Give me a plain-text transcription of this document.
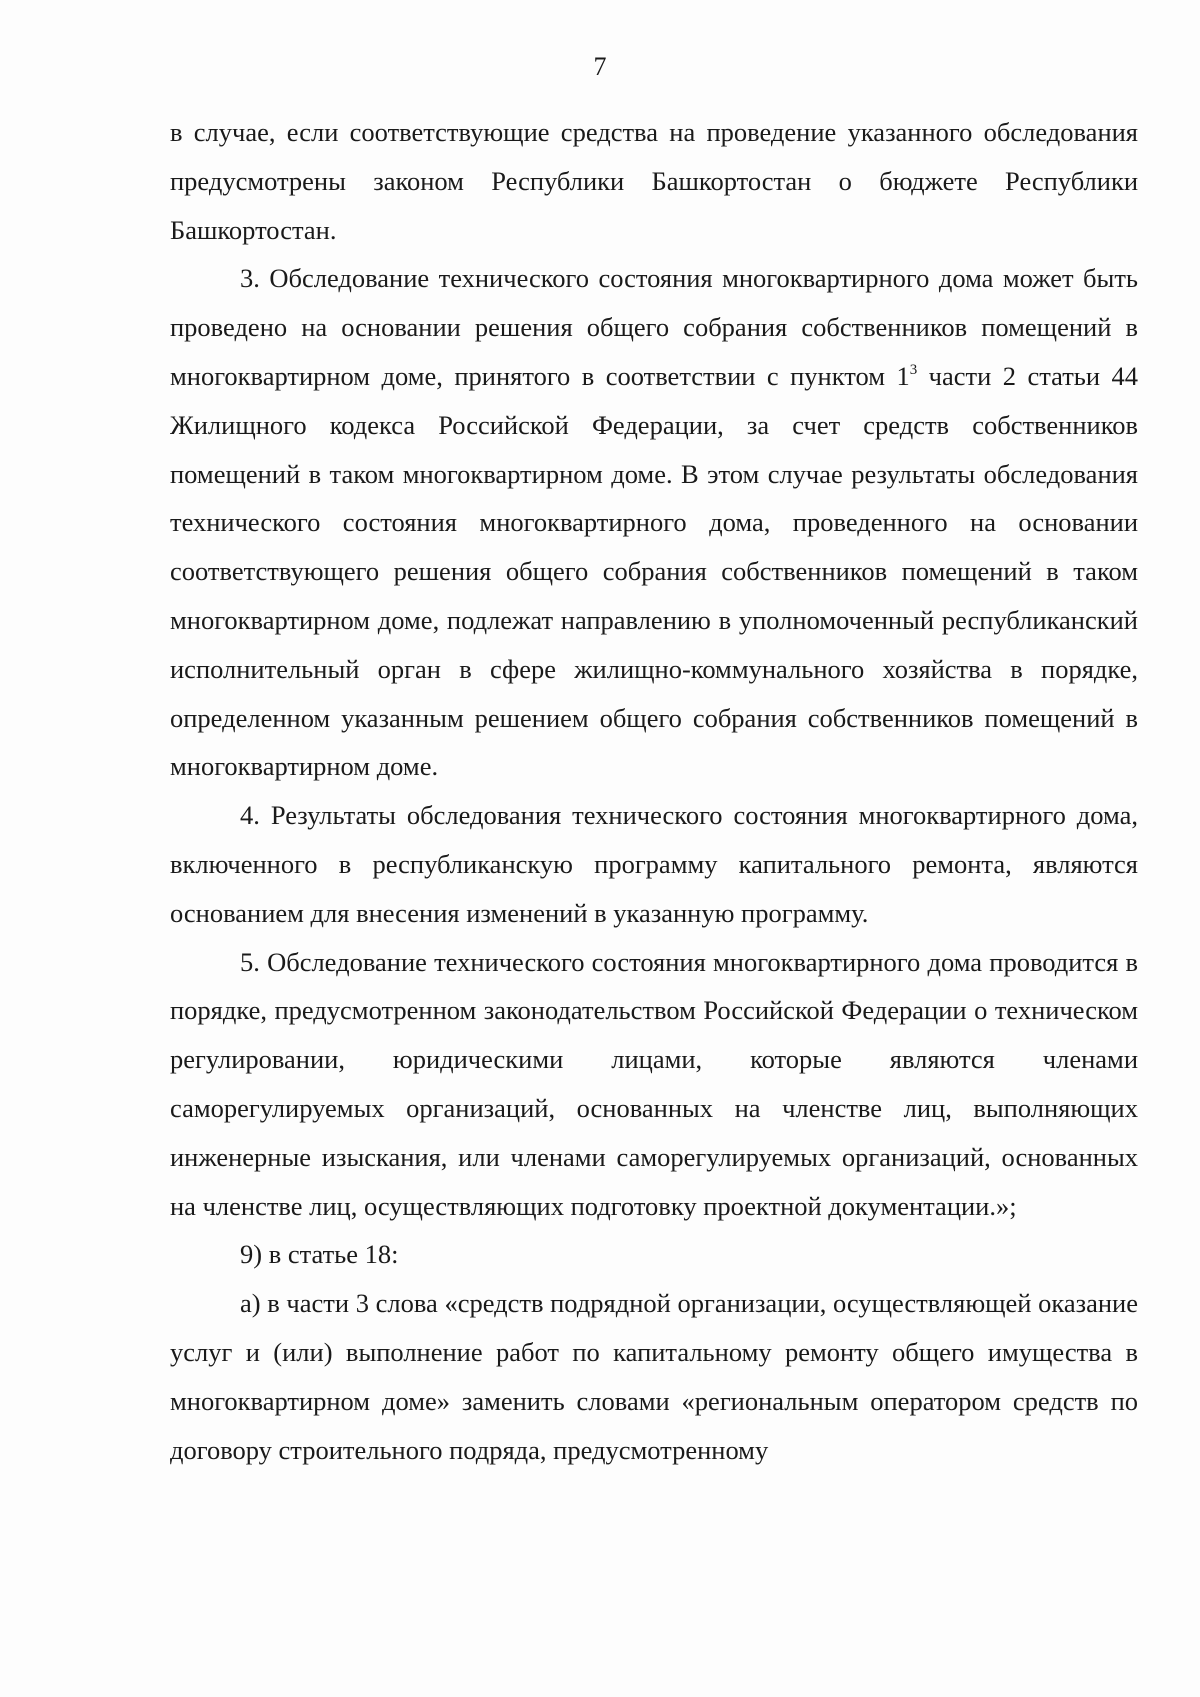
7

в случае, если соответствующие средства на проведение указанного обследования предусмотрены законом Республики Башкортостан о бюджете Республики Башкортостан.

3. Обследование технического состояния многоквартирного дома может быть проведено на основании решения общего собрания собственников помещений в многоквартирном доме, принятого в соответствии с пунктом $1^3$ части 2 статьи 44 Жилищного кодекса Российской Федерации, за счет средств собственников помещений в таком многоквартирном доме. В этом случае результаты обследования технического состояния многоквартирного дома, проведенного на основании соответствующего решения общего собрания собственников помещений в таком многоквартирном доме, подлежат направлению в уполномоченный республиканский исполнительный орган в сфере жилищно-коммунального хозяйства в порядке, определенном указанным решением общего собрания собственников помещений в многоквартирном доме.

4. Результаты обследования технического состояния многоквартирного дома, включенного в республиканскую программу капитального ремонта, являются основанием для внесения изменений в указанную программу.

5. Обследование технического состояния многоквартирного дома проводится в порядке, предусмотренном законодательством Российской Федерации о техническом регулировании, юридическими лицами, которые являются членами саморегулируемых организаций, основанных на членстве лиц, выполняющих инженерные изыскания, или членами саморегулируемых организаций, основанных на членстве лиц, осуществляющих подготовку проектной документации.»;

9) в статье 18:

а) в части 3 слова «средств подрядной организации, осуществляющей оказание услуг и (или) выполнение работ по капитальному ремонту общего имущества в многоквартирном доме» заменить словами «региональным оператором средств по договору строительного подряда, предусмотренному
